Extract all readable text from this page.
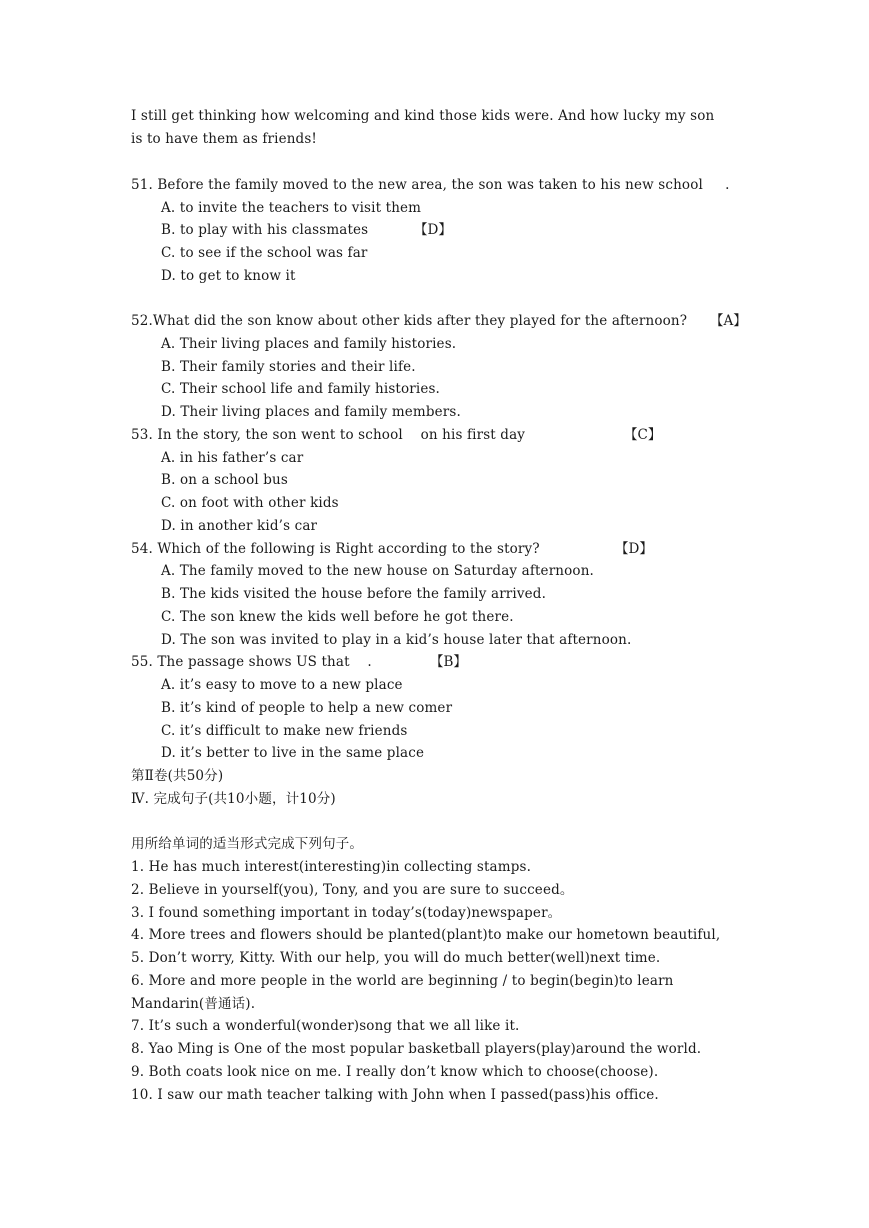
I still get thinking how welcoming and kind those kids were. And how lucky my son
is to have them as friends!
51. Before the family moved to the new area, the son was taken to his new school     .
A. to invite the teachers to visit them
B. to play with his classmates	【D】
C. to see if the school was far
D. to get to know it
52.What did the son know about other kids after they played for the afternoon? 【A】
A. Their living places and family histories.
B. Their family stories and their life.
C. Their school life and family histories.
D. Their living places and family members.
53. In the story, the son went to school    on his first day	【C】
A. in his father’s car
B. on a school bus
C. on foot with other kids
D. in another kid’s car
54. Which of the following is Right according to the story?	【D】
A. The family moved to the new house on Saturday afternoon.
B. The kids visited the house before the family arrived.
C. The son knew the kids well before he got there.
D. The son was invited to play in a kid’s house later that afternoon.
55. The passage shows US that    .	【B】
A. it’s easy to move to a new place
B. it’s kind of people to help a new comer
C. it’s difficult to make new friends
D. it’s better to live in the same place
第Ⅱ卷(共50分)
Ⅳ. 完成句子(共10小题，计10分)
用所给单词的适当形式完成下列句子。
1. He has much interest(interesting)in collecting stamps.
2. Believe in yourself(you), Tony, and you are sure to succeed。
3. I found something important in today’s(today)newspaper。
4. More trees and flowers should be planted(plant)to make our hometown beautiful,
5. Don’t worry, Kitty. With our help, you will do much better(well)next time.
6. More and more people in the world are beginning / to begin(begin)to learn
Mandarin(普通话).
7. It’s such a wonderful(wonder)song that we all like it.
8. Yao Ming is One of the most popular basketball players(play)around the world.
9. Both coats look nice on me. I really don’t know which to choose(choose).
10. I saw our math teacher talking with John when I passed(pass)his office.
